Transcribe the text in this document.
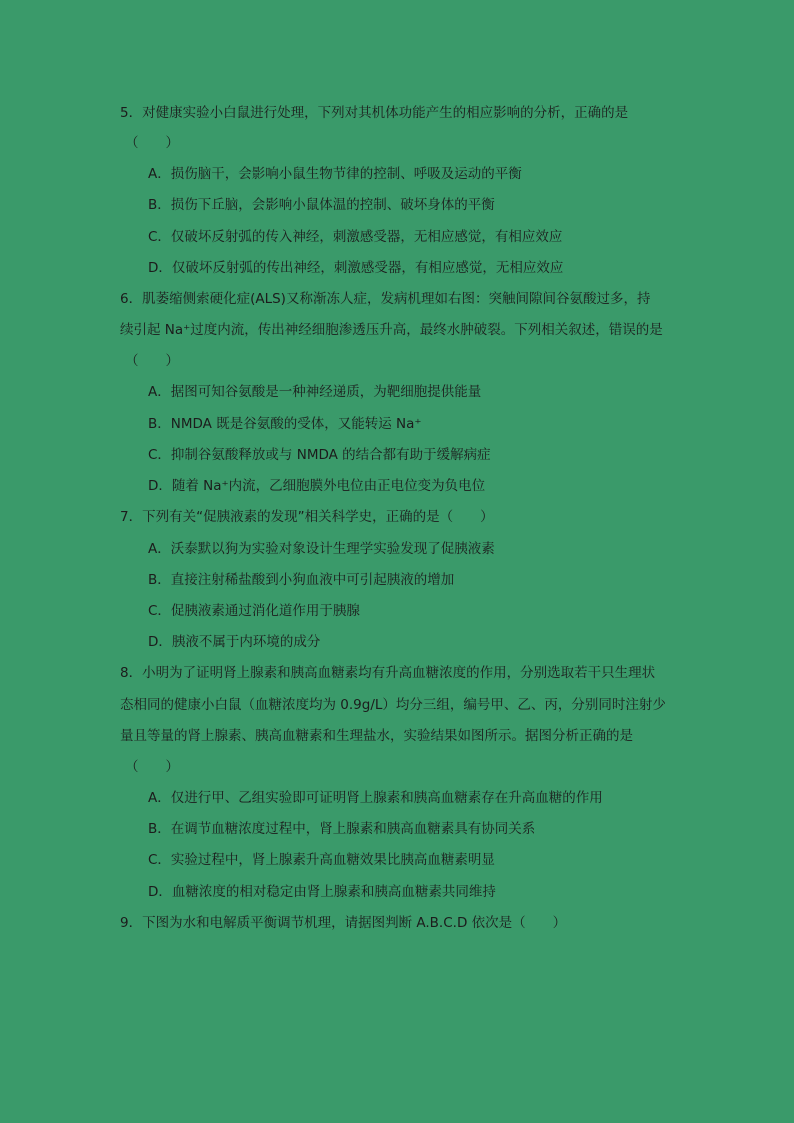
5．对健康实验小白鼠进行处理，下列对其机体功能产生的相应影响的分析，正确的是
（　　）
A．损伤脑干，会影响小鼠生物节律的控制、呼吸及运动的平衡
B．损伤下丘脑，会影响小鼠体温的控制、破坏身体的平衡
C．仅破坏反射弧的传入神经，刺激感受器，无相应感觉，有相应效应
D．仅破坏反射弧的传出神经，刺激感受器，有相应感觉，无相应效应
6．肌萎缩侧索硬化症(ALS)又称渐冻人症，发病机理如右图：突触间隙间谷氨酸过多，持
续引起 Na⁺过度内流，传出神经细胞渗透压升高，最终水肿破裂。下列相关叙述，错误的是
（　　）
A．据图可知谷氨酸是一种神经递质，为靶细胞提供能量
B．NMDA 既是谷氨酸的受体，又能转运 Na⁺
C．抑制谷氨酸释放或与 NMDA 的结合都有助于缓解病症
D．随着 Na⁺内流，乙细胞膜外电位由正电位变为负电位
7．下列有关“促胰液素的发现”相关科学史，正确的是（　　）
A．沃泰默以狗为实验对象设计生理学实验发现了促胰液素
B．直接注射稀盐酸到小狗血液中可引起胰液的增加
C．促胰液素通过消化道作用于胰腺
D．胰液不属于内环境的成分
8．小明为了证明肾上腺素和胰高血糖素均有升高血糖浓度的作用，分别选取若干只生理状
态相同的健康小白鼠（血糖浓度均为 0.9g/L）均分三组，编号甲、乙、丙，分别同时注射少
量且等量的肾上腺素、胰高血糖素和生理盐水，实验结果如图所示。据图分析正确的是
（　　）
A．仅进行甲、乙组实验即可证明肾上腺素和胰高血糖素存在升高血糖的作用
B．在调节血糖浓度过程中，肾上腺素和胰高血糖素具有协同关系
C．实验过程中，肾上腺素升高血糖效果比胰高血糖素明显
D．血糖浓度的相对稳定由肾上腺素和胰高血糖素共同维持
9．下图为水和电解质平衡调节机理，请据图判断 A.B.C.D 依次是（　　）
